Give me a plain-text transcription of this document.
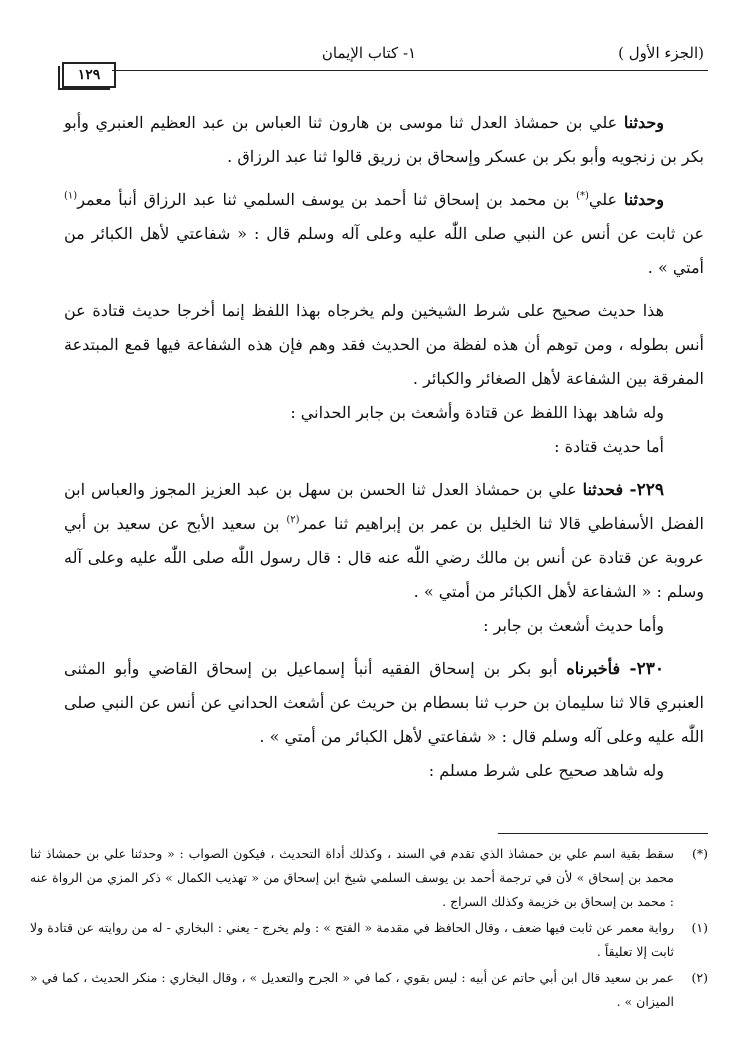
( الجزء الأول)
١- كتاب الإيمان
١٢٩

وحدثنا علي بن حمشاذ العدل ثنا موسى بن هارون ثنا العباس بن عبد العظيم العنبري وأبو بكر بن زنجويه وأبو بكر بن عسكر وإسحاق بن زريق قالوا ثنا عبد الرزاق .

وحدثنا علي(*) بن محمد بن إسحاق ثنا أحمد بن يوسف السلمي ثنا عبد الرزاق أنبأ معمر$^{(١)}$ عن ثابت عن أنس عن النبي صلى اللّٰه عليه وعلى آله وسلم قال : « شفاعتي لأهل الكبائر من أمتي » .

هذا حديث صحيح على شرط الشيخين ولم يخرجاه بهذا اللفظ إنما أخرجا حديث قتادة عن أنس بطوله ، ومن توهم أن هذه لفظة من الحديث فقد وهم فإن هذه الشفاعة فيها قمع المبتدعة المفرقة بين الشفاعة لأهل الصغائر والكبائر .

وله شاهد بهذا اللفظ عن قتادة وأشعث بن جابر الحداني :

أما حديث قتادة :

٢٢٩- فحدثنا علي بن حمشاذ العدل ثنا الحسن بن سهل بن عبد العزيز المجوز والعباس ابن الفضل الأسفاطي قالا ثنا الخليل بن عمر بن إبراهيم ثنا عمر$^{(٢)}$ بن سعيد الأبح عن سعيد بن أبي عروبة عن قتادة عن أنس بن مالك رضي اللّٰه عنه قال : قال رسول اللّٰه صلى اللّٰه عليه وعلى آله وسلم : « الشفاعة لأهل الكبائر من أمتي » .

وأما حديث أشعث بن جابر :

٢٣٠- فأخبرناه أبو بكر بن إسحاق الفقيه أنبأ إسماعيل بن إسحاق القاضي وأبو المثنى العنبري قالا ثنا سليمان بن حرب ثنا بسطام بن حريث عن أشعث الحداني عن أنس عن النبي صلى اللّٰه عليه وعلى آله وسلم قال : « شفاعتي لأهل الكبائر من أمتي » .

وله شاهد صحيح على شرط مسلم :

(*)
سقط بقية اسم علي بن حمشاذ الذي تقدم في السند ، وكذلك أداة التحديث ، فيكون الصواب : « وحدثنا علي بن حمشاذ ثنا محمد بن إسحاق » لأن في ترجمة أحمد بن يوسف السلمي شيخ ابن إسحاق من « تهذيب الكمال » ذكر المزي من الرواة عنه : محمد بن إسحاق بن خزيمة وكذلك السراج .
(١)
رواية معمر عن ثابت فيها ضعف ، وقال الحافظ في مقدمة « الفتح » : ولم يخرج - يعني : البخاري - له من روايته عن قتادة ولا ثابت إلا تعليقاً .
(٢)
عمر بن سعيد قال ابن أبي حاتم عن أبيه : ليس بقوي ، كما في « الجرح والتعديل » ، وقال البخاري : منكر الحديث ، كما في « الميزان » .
